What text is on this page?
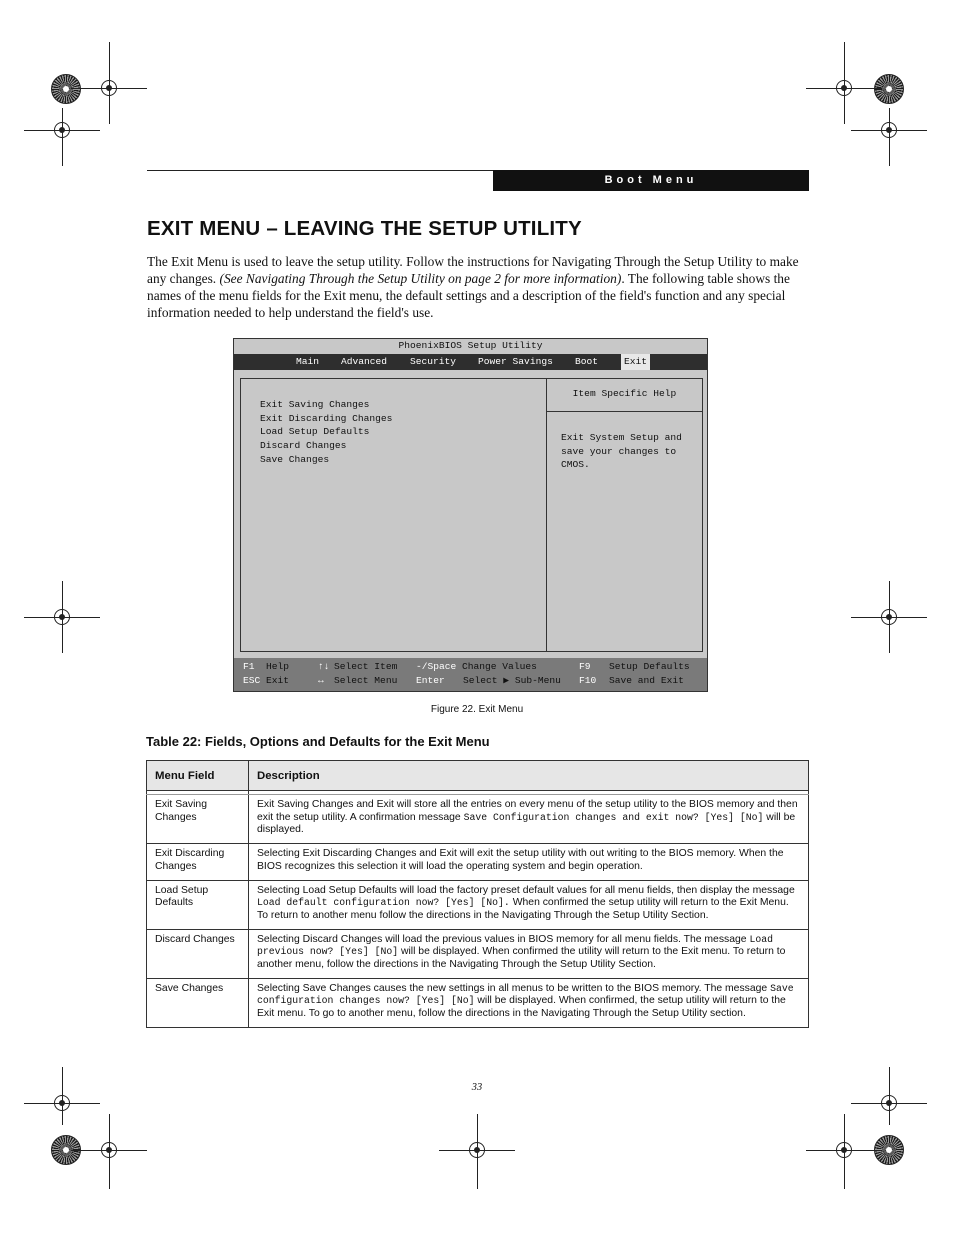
Boot Menu
EXIT MENU – LEAVING THE SETUP UTILITY

The Exit Menu is used to leave the setup utility. Follow the instructions for Navigating Through the Setup Utility to make any changes. (See Navigating Through the Setup Utility on page 2 for more information). The following table shows the names of the menu fields for the Exit menu, the default settings and a description of the field's function and any special information needed to help understand the field's use.

PhoenixBIOS Setup Utility
Main Advanced Security Power Savings Boot	Exit
Exit Saving Changes
Exit Discarding Changes
Load Setup Defaults
Discard Changes
Save Changes
Item Specific Help
Exit System Setup and
save your changes to
CMOS.
F1 Help	↑↓ Select Item -/Space Change Values	F9 Setup Defaults
ESC Exit	↔ Select Menu Enter Select ▶ Sub-Menu F10 Save and Exit
Figure 22. Exit Menu
Table 22: Fields, Options and Defaults for the Exit Menu
Menu Field	Description

Exit Saving Changes	Exit Saving Changes and Exit will store all the entries on every menu of the setup utility to the BIOS memory and then exit the setup utility. A confirmation message Save Configuration changes and exit now? [Yes] [No] will be displayed.
Exit Discarding Changes	Selecting Exit Discarding Changes and Exit will exit the setup utility with out writing to the BIOS memory. When the BIOS recognizes this selection it will load the operating system and begin operation.
Load Setup Defaults	Selecting Load Setup Defaults will load the factory preset default values for all menu fields, then display the message Load default configuration now? [Yes] [No]. When confirmed the setup utility will return to the Exit Menu. To return to another menu follow the directions in the Navigating Through the Setup Utility Section.
Discard Changes	Selecting Discard Changes will load the previous values in BIOS memory for all menu fields. The message Load previous now? [Yes] [No] will be displayed. When confirmed the utility will return to the Exit menu. To return to another menu, follow the directions in the Navigating Through the Setup Utility Section.
Save Changes	Selecting Save Changes causes the new settings in all menus to be written to the BIOS memory. The message Save configuration changes now? [Yes] [No] will be displayed. When confirmed, the setup utility will return to the Exit menu. To go to another menu, follow the directions in the Navigating Through the Setup Utility section.
33
